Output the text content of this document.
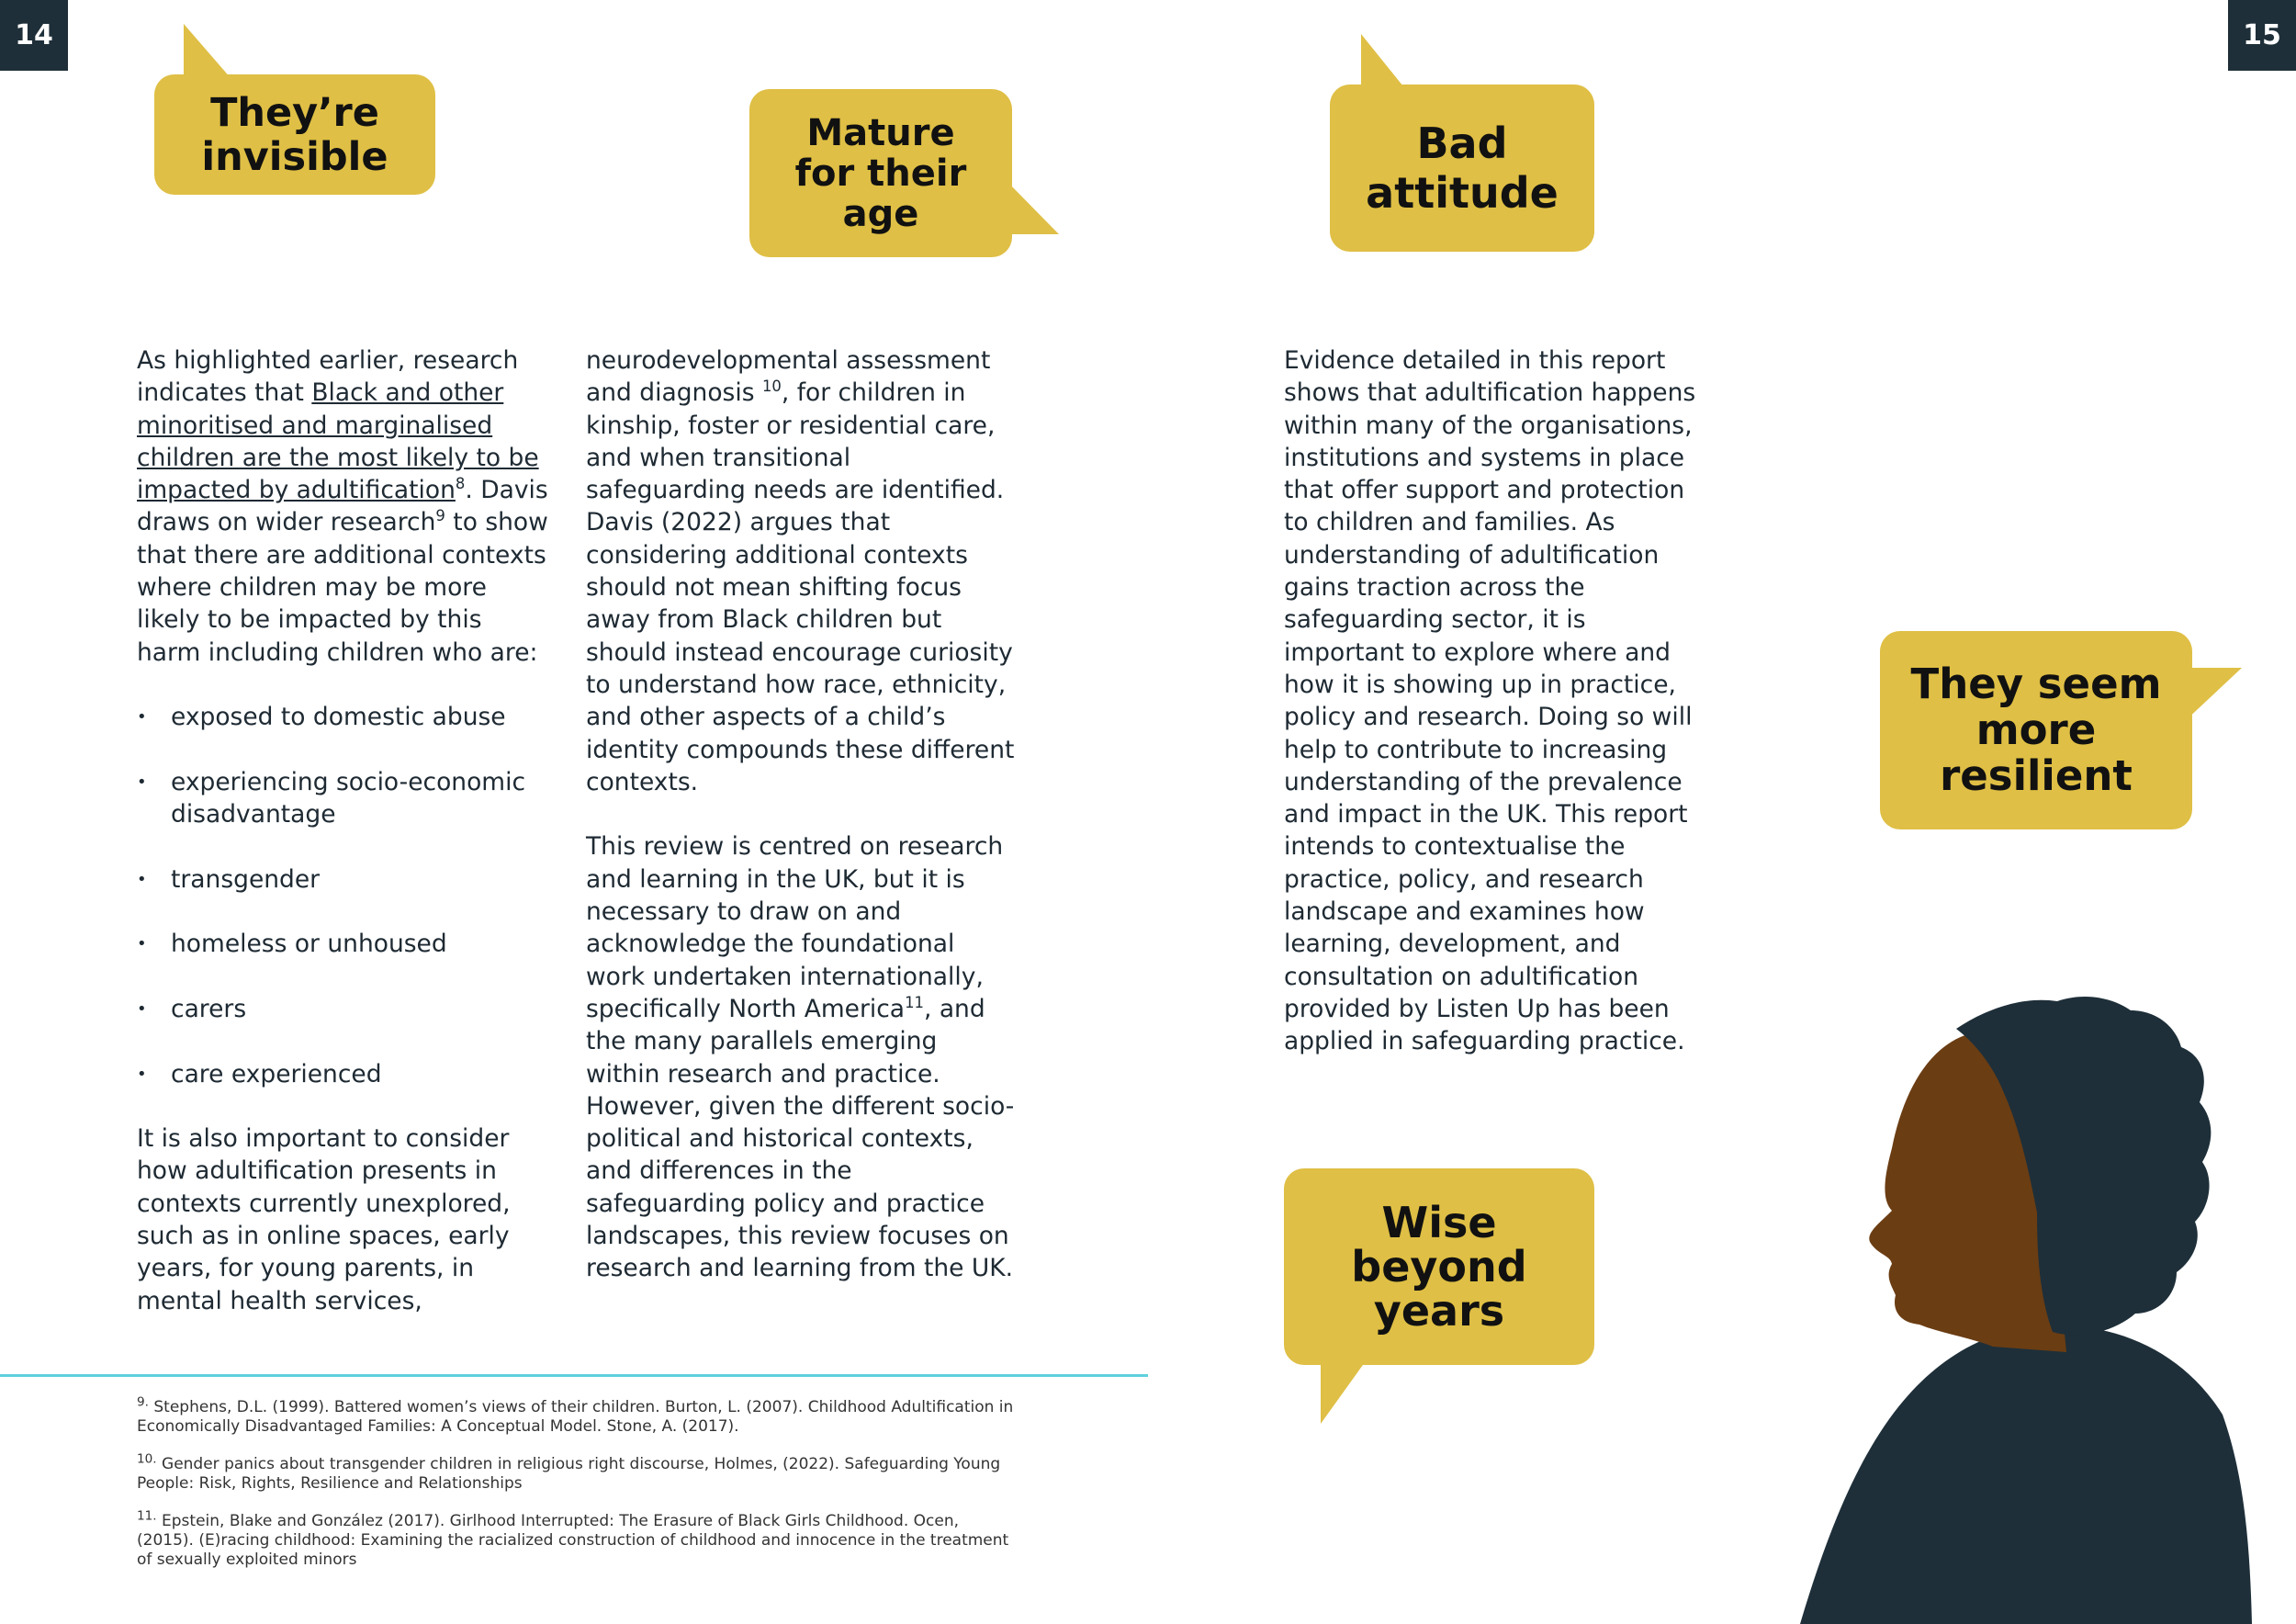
14	15
They’re invisible
Mature for their age
Bad attitude
They seem more resilient
Wise beyond years

As highlighted earlier, research indicates that Black and other minoritised and marginalised children are the most likely to be impacted by adultification$^8$. Davis draws on wider research$^9$ to show that there are additional contexts where children may be more likely to be impacted by this harm including children who are:

• exposed to domestic abuse
• experiencing socio-economic disadvantage
• transgender
• homeless or unhoused
• carers
• care experienced

It is also important to consider how adultification presents in contexts currently unexplored, such as in online spaces, early years, for young parents, in mental health services,

neurodevelopmental assessment and diagnosis $^{10}$, for children in kinship, foster or residential care, and when transitional safeguarding needs are identified. Davis (2022) argues that considering additional contexts should not mean shifting focus away from Black children but should instead encourage curiosity to understand how race, ethnicity, and other aspects of a child’s identity compounds these different contexts.

This review is centred on research and learning in the UK, but it is necessary to draw on and acknowledge the foundational work undertaken internationally, specifically North America$^{11}$, and the many parallels emerging within research and practice. However, given the different socio-political and historical contexts, and differences in the safeguarding policy and practice landscapes, this review focuses on research and learning from the UK.

Evidence detailed in this report shows that adultification happens within many of the organisations, institutions and systems in place that offer support and protection to children and families. As understanding of adultification gains traction across the safeguarding sector, it is important to explore where and how it is showing up in practice, policy and research. Doing so will help to contribute to increasing understanding of the prevalence and impact in the UK. This report intends to contextualise the practice, policy, and research landscape and examines how learning, development, and consultation on adultification provided by Listen Up has been applied in safeguarding practice.

$^{9.}$ Stephens, D.L. (1999). Battered women’s views of their children. Burton, L. (2007). Childhood Adultification in Economically Disadvantaged Families: A Conceptual Model. Stone, A. (2017).

$^{10.}$ Gender panics about transgender children in religious right discourse, Holmes, (2022). Safeguarding Young People: Risk, Rights, Resilience and Relationships

$^{11.}$ Epstein, Blake and González (2017). Girlhood Interrupted: The Erasure of Black Girls Childhood. Ocen, (2015). (E)racing childhood: Examining the racialized construction of childhood and innocence in the treatment of sexually exploited minors
